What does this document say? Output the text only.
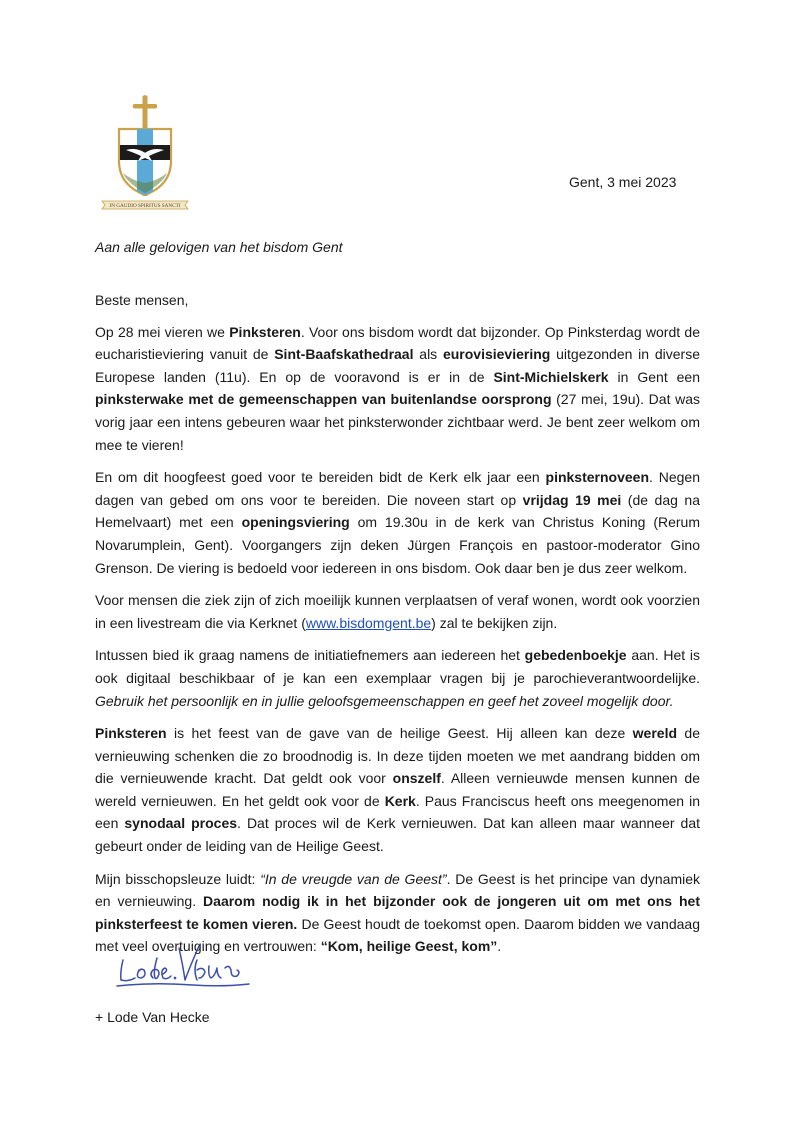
IN GAUDIO SPIRITUS SANCTI
Gent, 3 mei 2023
Aan alle gelovigen van het bisdom Gent

Beste mensen,

Op 28 mei vieren we Pinksteren. Voor ons bisdom wordt dat bijzonder. Op Pinksterdag wordt de eucharistieviering vanuit de Sint-Baafskathedraal als eurovisieviering uitgezonden in diverse Europese landen (11u). En op de vooravond is er in de Sint-Michielskerk in Gent een pinksterwake met de gemeenschappen van buitenlandse oorsprong (27 mei, 19u). Dat was vorig jaar een intens gebeuren waar het pinksterwonder zichtbaar werd. Je bent zeer welkom om mee te vieren!

En om dit hoogfeest goed voor te bereiden bidt de Kerk elk jaar een pinksternoveen. Negen dagen van gebed om ons voor te bereiden. Die noveen start op vrijdag 19 mei (de dag na Hemelvaart) met een openingsviering om 19.30u in de kerk van Christus Koning (Rerum Novarumplein, Gent). Voorgangers zijn deken Jürgen François en pastoor-moderator Gino Grenson. De viering is bedoeld voor iedereen in ons bisdom. Ook daar ben je dus zeer welkom.

Voor mensen die ziek zijn of zich moeilijk kunnen verplaatsen of veraf wonen, wordt ook voorzien in een livestream die via Kerknet (www.bisdomgent.be) zal te bekijken zijn.

Intussen bied ik graag namens de initiatiefnemers aan iedereen het gebedenboekje aan. Het is ook digitaal beschikbaar of je kan een exemplaar vragen bij je parochieverantwoordelijke. Gebruik het persoonlijk en in jullie geloofsgemeenschappen en geef het zoveel mogelijk door.

Pinksteren is het feest van de gave van de heilige Geest. Hij alleen kan deze wereld de vernieuwing schenken die zo broodnodig is. In deze tijden moeten we met aandrang bidden om die vernieuwende kracht. Dat geldt ook voor onszelf. Alleen vernieuwde mensen kunnen de wereld vernieuwen. En het geldt ook voor de Kerk. Paus Franciscus heeft ons meegenomen in een synodaal proces. Dat proces wil de Kerk vernieuwen. Dat kan alleen maar wanneer dat gebeurt onder de leiding van de Heilige Geest.

Mijn bisschopsleuze luidt: “In de vreugde van de Geest”. De Geest is het principe van dynamiek en vernieuwing. Daarom nodig ik in het bijzonder ook de jongeren uit om met ons het pinksterfeest te komen vieren. De Geest houdt de toekomst open. Daarom bidden we vandaag met veel overtuiging en vertrouwen: “Kom, heilige Geest, kom”.

+ Lode Van Hecke
